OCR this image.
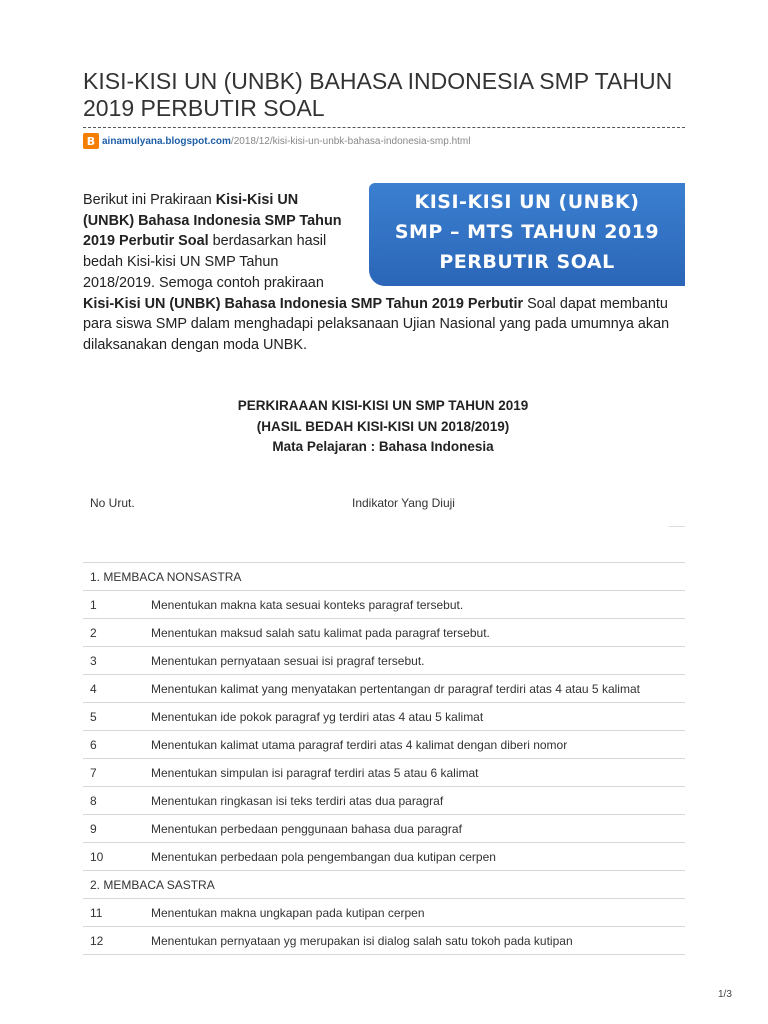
KISI-KISI UN (UNBK) BAHASA INDONESIA SMP TAHUN 2019 PERBUTIR SOAL
B ainamulyana.blogspot.com /2018/12/kisi-kisi-un-unbk-bahasa-indonesia-smp.html
KISI-KISI UN (UNBK)
SMP – MTS TAHUN 2019
PERBUTIR SOAL
Berikut ini Prakiraan Kisi-Kisi UN (UNBK) Bahasa Indonesia SMP Tahun 2019 Perbutir Soal berdasarkan hasil bedah Kisi-kisi UN SMP Tahun 2018/2019. Semoga contoh prakiraan Kisi-Kisi UN (UNBK) Bahasa Indonesia SMP Tahun 2019 Perbutir Soal dapat membantu para siswa SMP dalam menghadapi pelaksanaan Ujian Nasional yang pada umumnya akan dilaksanakan dengan moda UNBK.
PERKIRAAAN KISI-KISI UN SMP TAHUN 2019
(HASIL BEDAH KISI-KISI UN 2018/2019)
Mata Pelajaran : Bahasa Indonesia
No Urut.	Indikator Yang Diuji
1. MEMBACA NONSASTRA
1	Menentukan makna kata sesuai konteks paragraf tersebut.
2	Menentukan maksud salah satu kalimat pada paragraf tersebut.
3	Menentukan pernyataan sesuai isi pragraf tersebut.
4	Menentukan kalimat yang menyatakan pertentangan dr paragraf terdiri atas 4 atau 5 kalimat
5	Menentukan ide pokok paragraf yg terdiri atas 4 atau 5 kalimat
6	Menentukan kalimat utama paragraf terdiri atas 4 kalimat dengan diberi nomor
7	Menentukan simpulan isi paragraf terdiri atas 5 atau 6 kalimat
8	Menentukan ringkasan isi teks terdiri atas dua paragraf
9	Menentukan perbedaan penggunaan bahasa dua paragraf
10	Menentukan perbedaan pola pengembangan dua kutipan cerpen
2. MEMBACA SASTRA
11	Menentukan makna ungkapan pada kutipan cerpen
12	Menentukan pernyataan yg merupakan isi dialog salah satu tokoh pada kutipan
1/3
